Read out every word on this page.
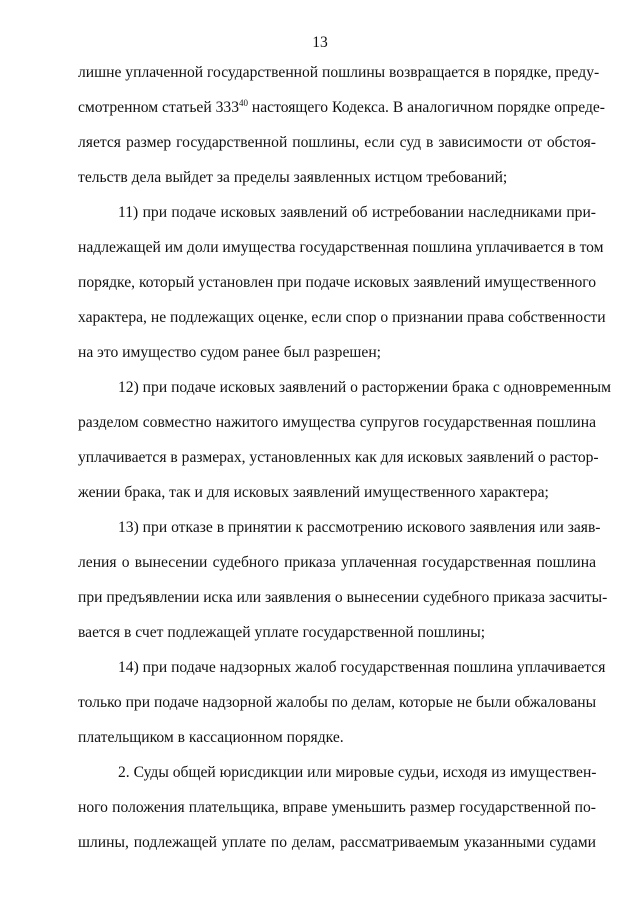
13
лишне уплаченной государственной пошлины возвращается в порядке, преду-
смотренном статьей $333^{40}$ настоящего Кодекса. В аналогичном порядке опреде-
ляется размер государственной пошлины, если суд в зависимости от обстоя-
тельств дела выйдет за пределы заявленных истцом требований;
11) при подаче исковых заявлений об истребовании наследниками при-
надлежащей им доли имущества государственная пошлина уплачивается в том
порядке, который установлен при подаче исковых заявлений имущественного
характера, не подлежащих оценке, если спор о признании права собственности
на это имущество судом ранее был разрешен;
12) при подаче исковых заявлений о расторжении брака с одновременным
разделом совместно нажитого имущества супругов государственная пошлина
уплачивается в размерах, установленных как для исковых заявлений о растор-
жении брака, так и для исковых заявлений имущественного характера;
13) при отказе в принятии к рассмотрению искового заявления или заяв-
ления о вынесении судебного приказа уплаченная государственная пошлина
при предъявлении иска или заявления о вынесении судебного приказа засчиты-
вается в счет подлежащей уплате государственной пошлины;
14) при подаче надзорных жалоб государственная пошлина уплачивается
только при подаче надзорной жалобы по делам, которые не были обжалованы
плательщиком в кассационном порядке.
2. Суды общей юрисдикции или мировые судьи, исходя из имуществен-
ного положения плательщика, вправе уменьшить размер государственной по-
шлины, подлежащей уплате по делам, рассматриваемым указанными судами
